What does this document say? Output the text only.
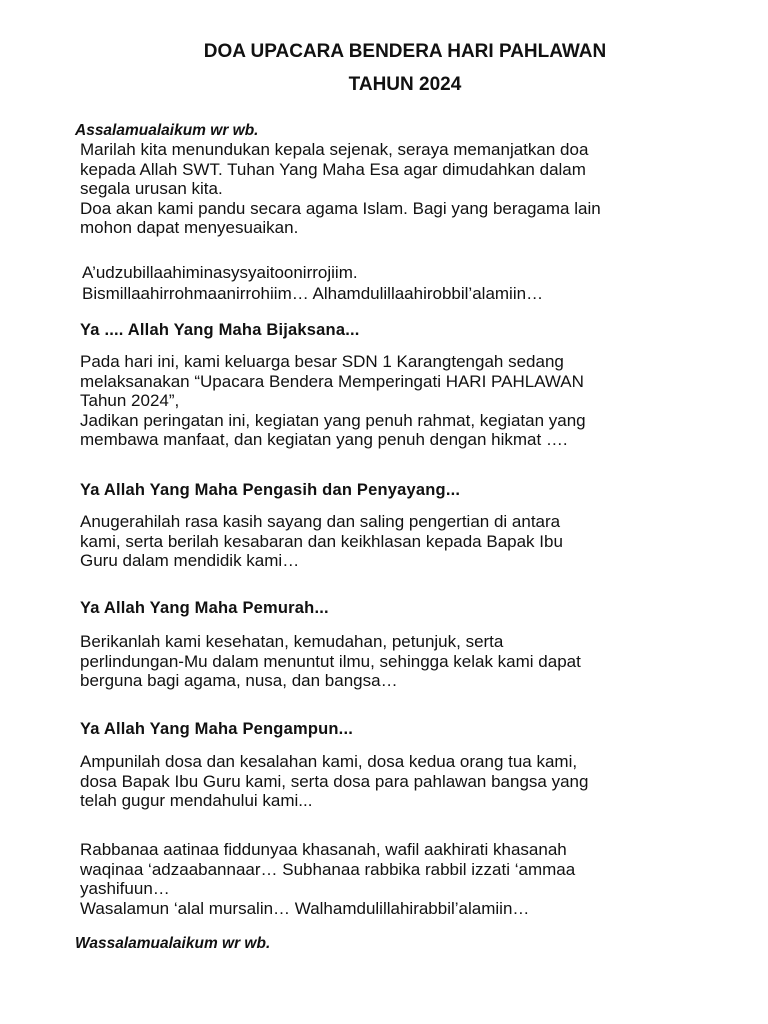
DOA UPACARA BENDERA HARI PAHLAWAN
TAHUN 2024
Assalamualaikum wr wb.
Marilah kita menundukan kepala sejenak, seraya memanjatkan doa
kepada Allah SWT. Tuhan Yang Maha Esa agar dimudahkan dalam
segala urusan kita.
Doa akan kami pandu secara agama Islam. Bagi yang beragama lain
mohon dapat menyesuaikan.
A’udzubillaahiminasysyaitoonirrojiim.
Bismillaahirrohmaanirrohiim… Alhamdulillaahirobbil’alamiin…
Ya .... Allah Yang Maha Bijaksana...
Pada hari ini, kami keluarga besar SDN 1 Karangtengah sedang
melaksanakan “Upacara Bendera Memperingati HARI PAHLAWAN
Tahun 2024”,
Jadikan peringatan ini, kegiatan yang penuh rahmat, kegiatan yang
membawa manfaat, dan kegiatan yang penuh dengan hikmat ….
Ya Allah Yang Maha Pengasih dan Penyayang...
Anugerahilah rasa kasih sayang dan saling pengertian di antara
kami, serta berilah kesabaran dan keikhlasan kepada Bapak Ibu
Guru dalam mendidik kami…
Ya Allah Yang Maha Pemurah...
Berikanlah kami kesehatan, kemudahan, petunjuk, serta
perlindungan-Mu dalam menuntut ilmu, sehingga kelak kami dapat
berguna bagi agama, nusa, dan bangsa…
Ya Allah Yang Maha Pengampun...
Ampunilah dosa dan kesalahan kami, dosa kedua orang tua kami,
dosa Bapak Ibu Guru kami, serta dosa para pahlawan bangsa yang
telah gugur mendahului kami...
Rabbanaa aatinaa fiddunyaa khasanah, wafil aakhirati khasanah
waqinaa ‘adzaabannaar… Subhanaa rabbika rabbil izzati ‘ammaa
yashifuun…
Wasalamun ‘alal mursalin… Walhamdulillahirabbil’alamiin…
Wassalamualaikum wr wb.
